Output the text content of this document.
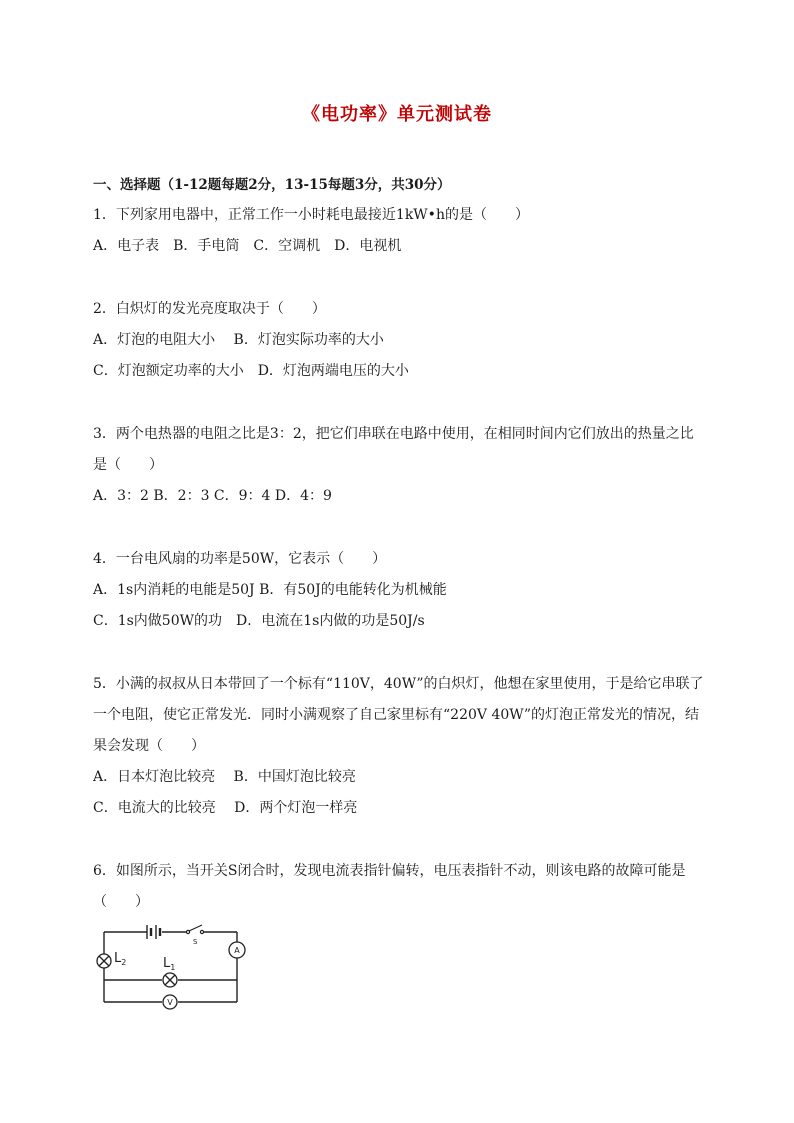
《电功率》单元测试卷
一、选择题（1-12题每题2分，13-15每题3分，共30分）
1．下列家用电器中，正常工作一小时耗电最接近1kW•h的是（　　）
A．电子表　B．手电筒　C．空调机　D．电视机
2．白炽灯的发光亮度取决于（　　）
A．灯泡的电阻大小　 B．灯泡实际功率的大小
C．灯泡额定功率的大小　D．灯泡两端电压的大小
3．两个电热器的电阻之比是3：2，把它们串联在电路中使用，在相同时间内它们放出的热量之比
是（　　）
A．3：2 B．2：3 C．9：4 D．4：9
4．一台电风扇的功率是50W，它表示（　　）
A．1s内消耗的电能是50J B．有50J的电能转化为机械能
C．1s内做50W的功　D．电流在1s内做的功是50J/s
5．小满的叔叔从日本带回了一个标有“110V，40W”的白炽灯，他想在家里使用，于是给它串联了
一个电阻，使它正常发光．同时小满观察了自己家里标有“220V 40W”的灯泡正常发光的情况，结
果会发现（　　）
A．日本灯泡比较亮　 B．中国灯泡比较亮
C．电流大的比较亮　 D．两个灯泡一样亮
6．如图所示，当开关S闭合时，发现电流表指针偏转，电压表指针不动，则该电路的故障可能是
（　　）
S
A
$L_2$	$L_1$
V
